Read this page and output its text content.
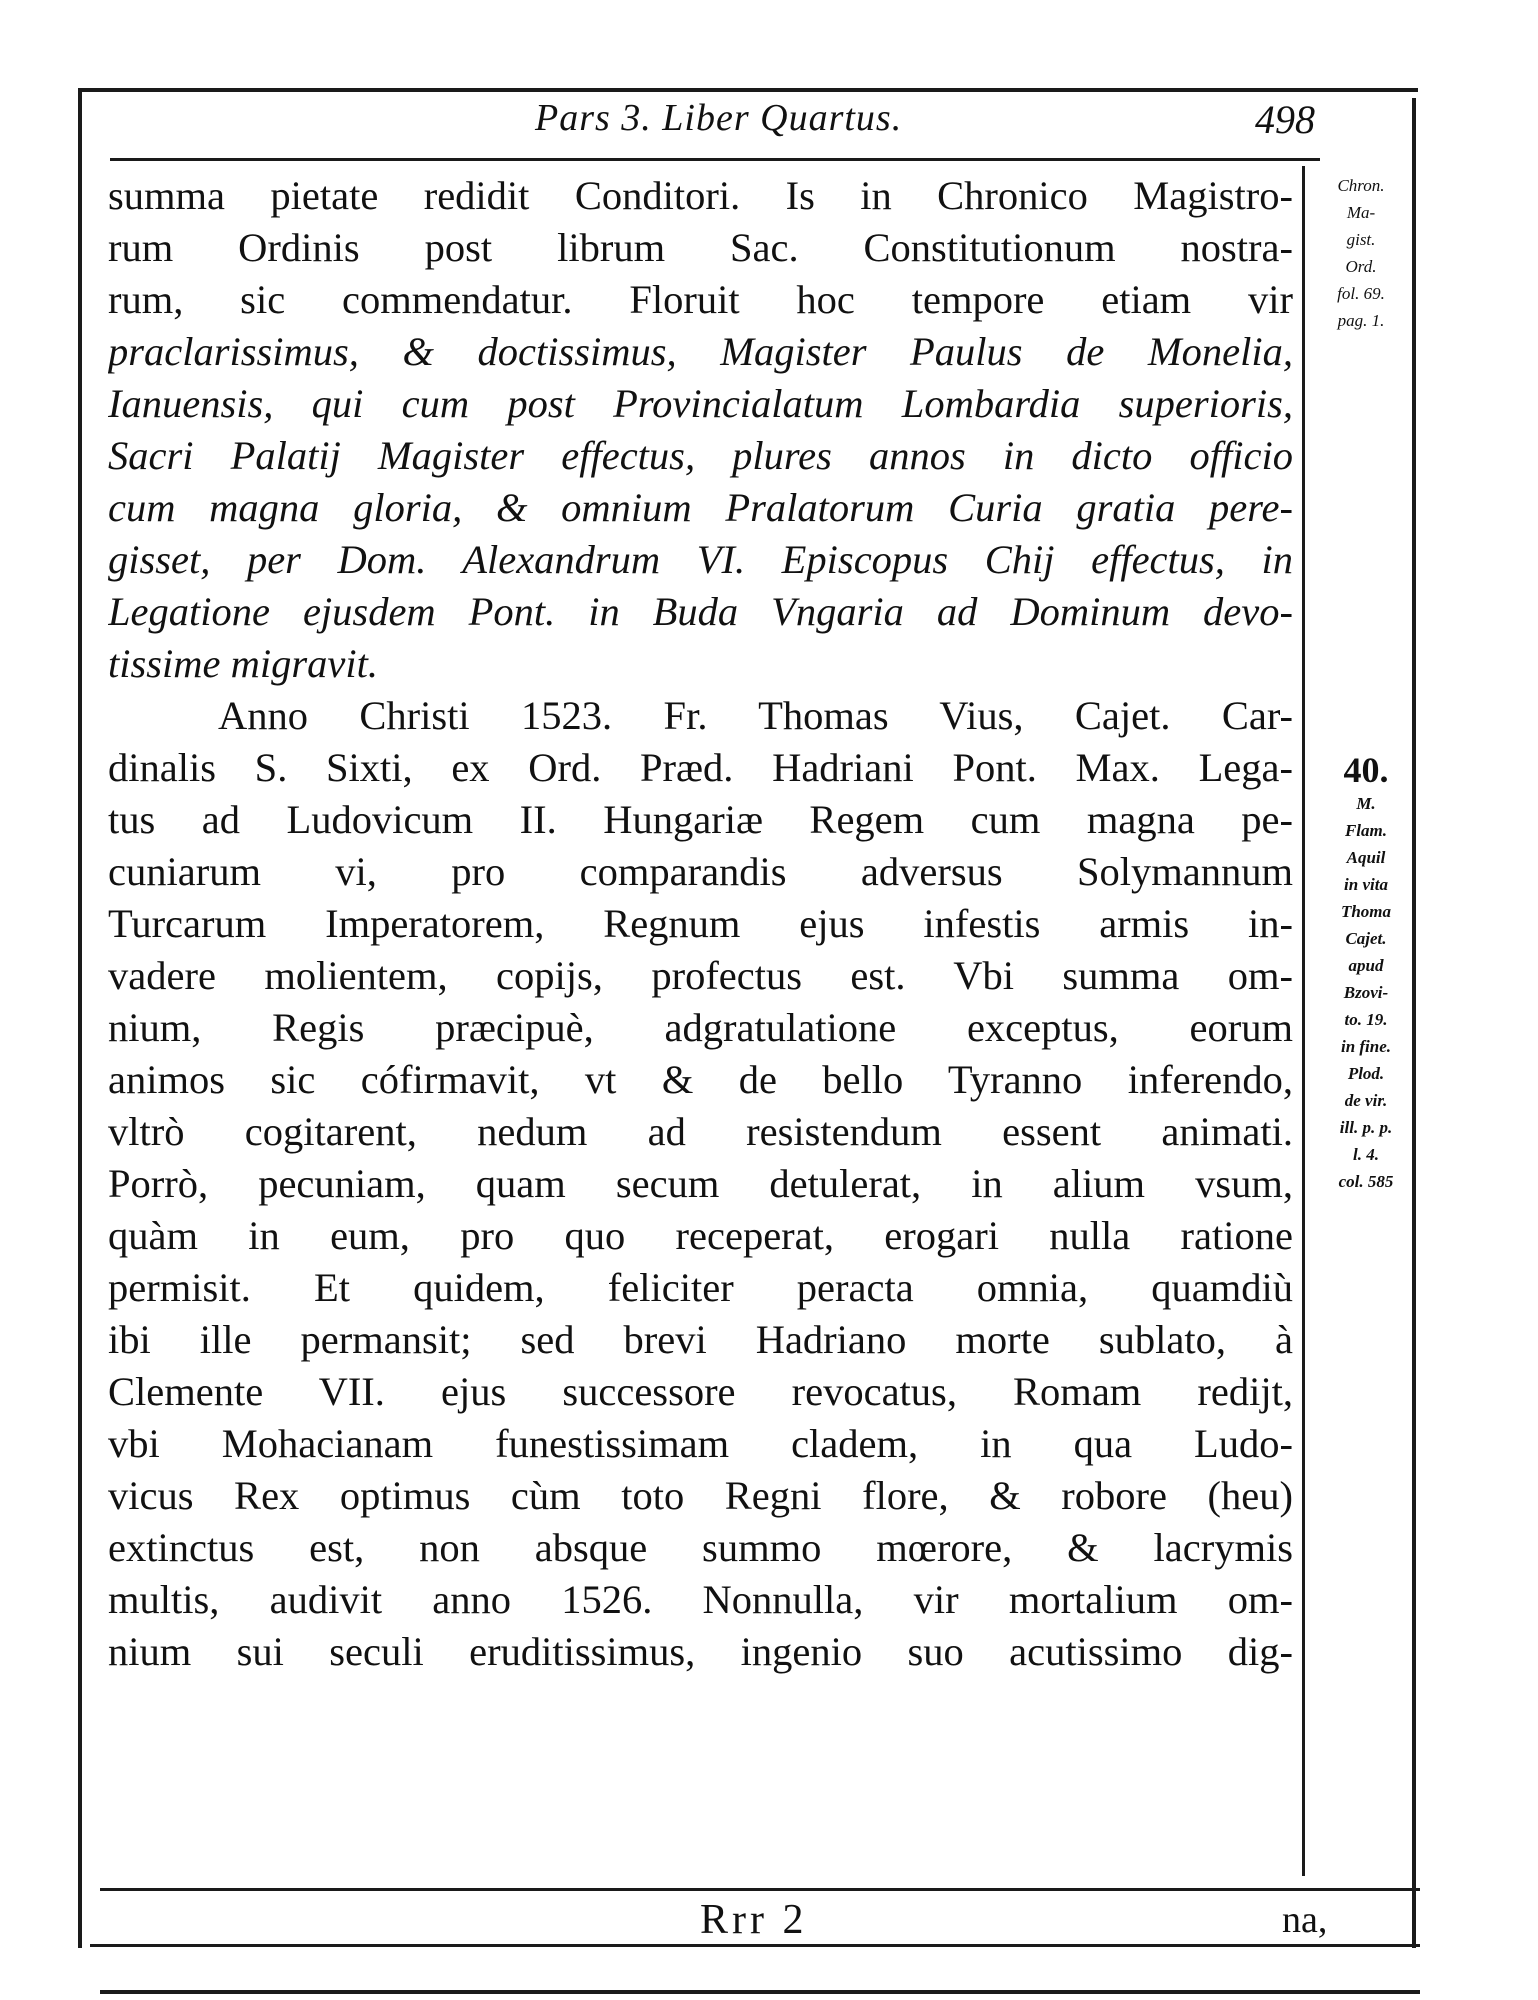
Pars 3. Liber Quartus.	498
summa pietate redidit Conditori. Is in Chronico Magistro-
rum Ordinis post librum Sac. Constitutionum nostra-
rum, sic commendatur. Floruit hoc tempore etiam vir
praclarissimus, & doctissimus, Magister Paulus de Monelia,
Ianuensis, qui cum post Provincialatum Lombardia superioris,
Sacri Palatij Magister effectus, plures annos in dicto officio
cum magna gloria, & omnium Pralatorum Curia gratia pere-
gisset, per Dom. Alexandrum VI. Episcopus Chij effectus, in
Legatione ejusdem Pont. in Buda Vngaria ad Dominum devo-
tissime migravit.
Anno Christi 1523. Fr. Thomas Vius, Cajet. Car-
dinalis S. Sixti, ex Ord. Præd. Hadriani Pont. Max. Lega-
tus ad Ludovicum II. Hungariæ Regem cum magna pe-
cuniarum vi, pro comparandis adversus Solymannum
Turcarum Imperatorem, Regnum ejus infestis armis in-
vadere molientem, copijs, profectus est. Vbi summa om-
nium, Regis præcipuè, adgratulatione exceptus, eorum
animos sic cófirmavit, vt & de bello Tyranno inferendo,
vltrò cogitarent, nedum ad resistendum essent animati.
Porrò, pecuniam, quam secum detulerat, in alium vsum,
quàm in eum, pro quo receperat, erogari nulla ratione
permisit. Et quidem, feliciter peracta omnia, quamdiù
ibi ille permansit; sed brevi Hadriano morte sublato, à
Clemente VII. ejus successore revocatus, Romam redijt,
vbi Mohacianam funestissimam cladem, in qua Ludo-
vicus Rex optimus cùm toto Regni flore, & robore (heu)
extinctus est, non absque summo mœrore, & lacrymis
multis, audivit anno 1526. Nonnulla, vir mortalium om-
nium sui seculi eruditissimus, ingenio suo acutissimo dig-
Chron.
Ma-
gist.
Ord.
fol. 69.
pag. 1.
40.
M.
Flam.
Aquil
in vita
Thoma
Cajet.
apud
Bzovi-
to. 19.
in fine.
Plod.
de vir.
ill. p. p.
l. 4.
col. 585
Rrr 2	na,
